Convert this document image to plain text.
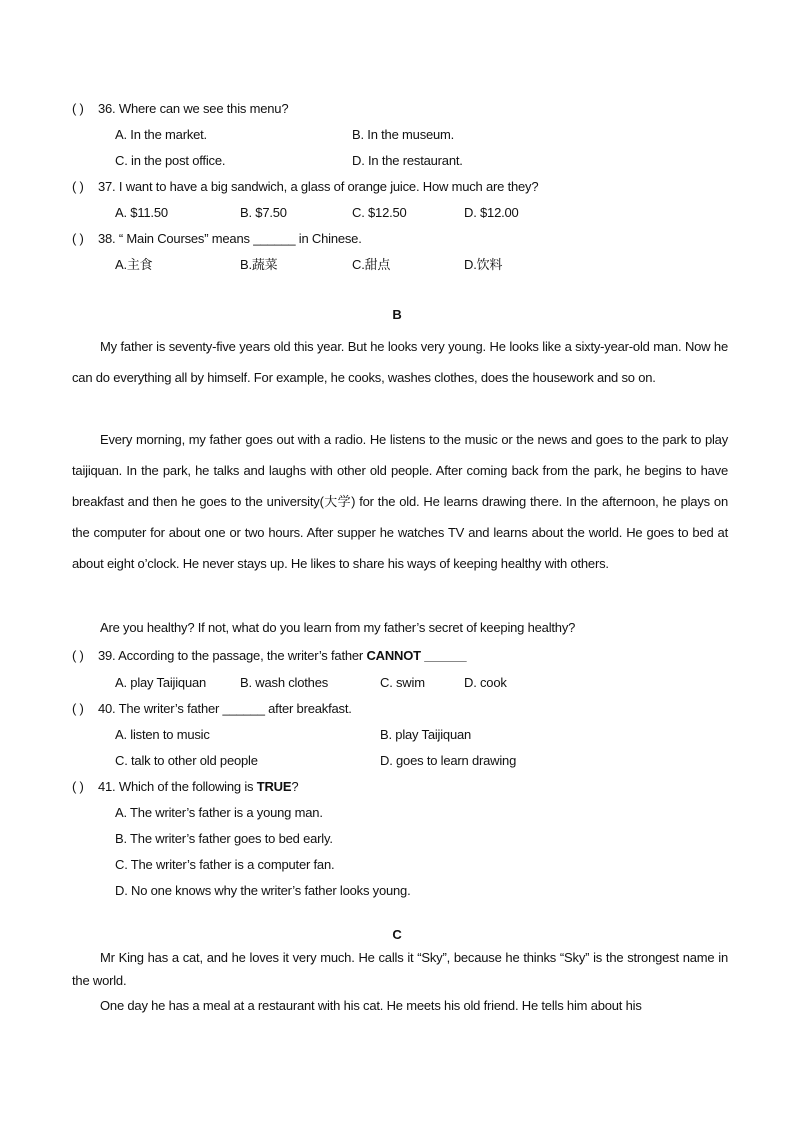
( ) 36. Where can we see this menu?
A. In the market.	B. In the museum.
C. in the post office.	D. In the restaurant.
( ) 37. I want to have a big sandwich, a glass of orange juice. How much are they?
A. $11.50	B. $7.50	C. $12.50	D. $12.00
( ) 38. “ Main Courses” means ______ in Chinese.
A.主食	B.蔬菜	C.甜点	D.饮料
B
My father is seventy-five years old this year. But he looks very young. He looks like a sixty-year-old man. Now he can do everything all by himself. For example, he cooks, washes clothes, does the housework and so on.
Every morning, my father goes out with a radio. He listens to the music or the news and goes to the park to play taijiquan. In the park, he talks and laughs with other old people. After coming back from the park, he begins to have breakfast and then he goes to the university(大学) for the old. He learns drawing there. In the afternoon, he plays on the computer for about one or two hours. After supper he watches TV and learns about the world. He goes to bed at about eight o’clock. He never stays up. He likes to share his ways of keeping healthy with others.
Are you healthy? If not, what do you learn from my father’s secret of keeping healthy?
( ) 39. According to the passage, the writer’s father CANNOT ______
A. play Taijiquan	B. wash clothes	C. swim	D. cook
( ) 40. The writer’s father ______ after breakfast.
A. listen to music	B. play Taijiquan
C. talk to other old people	D. goes to learn drawing
( ) 41. Which of the following is TRUE?
A. The writer’s father is a young man.
B. The writer’s father goes to bed early.
C. The writer’s father is a computer fan.
D. No one knows why the writer’s father looks young.
C
Mr King has a cat, and he loves it very much. He calls it “Sky”, because he thinks “Sky” is the strongest name in the world.
One day he has a meal at a restaurant with his cat. He meets his old friend. He tells him about his
